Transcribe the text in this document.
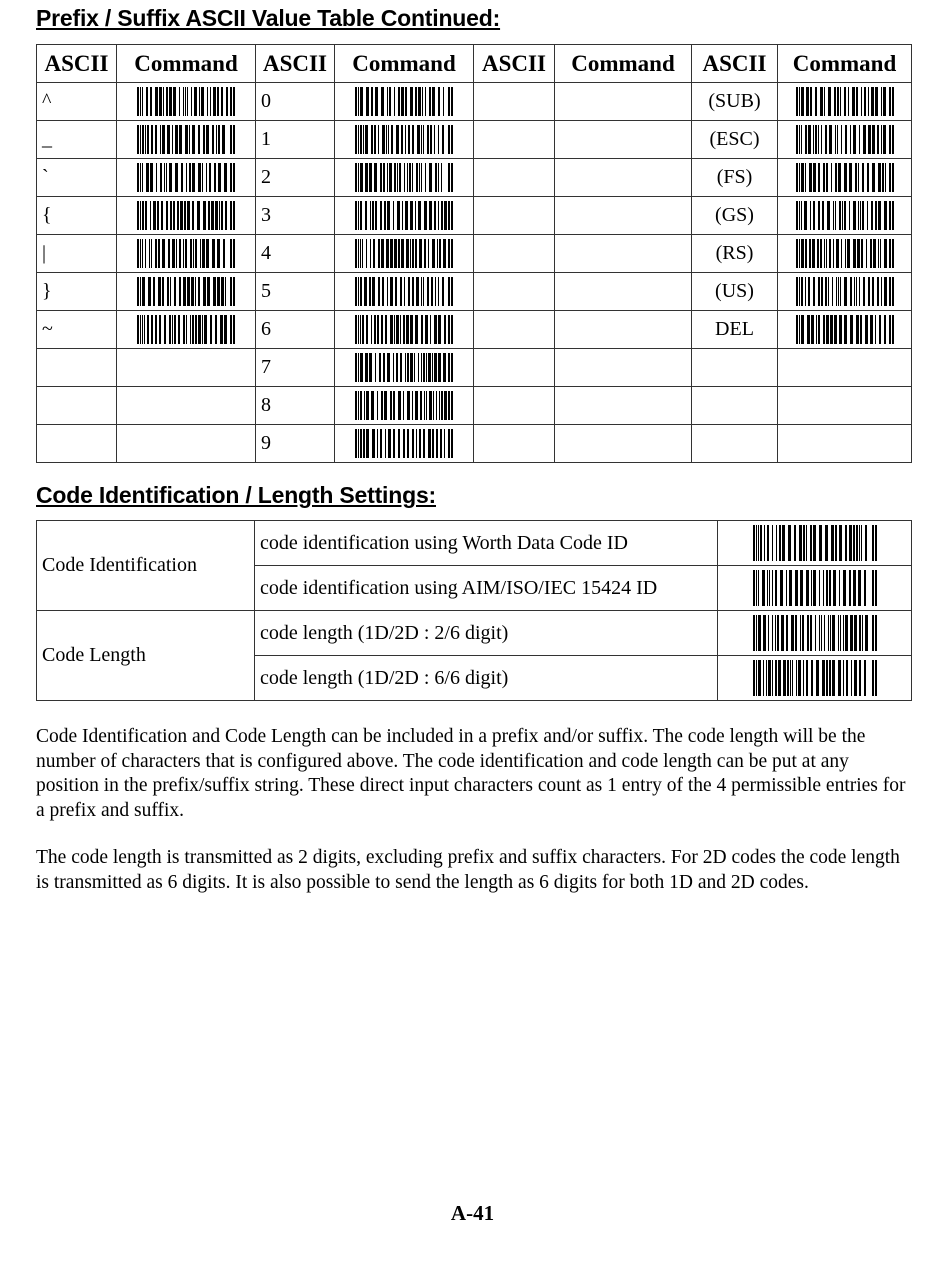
Prefix / Suffix ASCII Value Table Continued:
ASCII	Command	ASCII	Command	ASCII	Command	ASCII	Command
^		0				(SUB)	
_		1				(ESC)	
`		2				(FS)	
{		3				(GS)	
|		4				(RS)	
}		5				(US)	
~		6				DEL	
		7					
		8					
		9					
Code Identification / Length Settings:
Code Identification	code identification using Worth Data Code ID	
	code identification using AIM/ISO/IEC 15424 ID	
Code Length	code length (1D/2D : 2/6 digit)	
	code length (1D/2D : 6/6 digit)	

Code Identification and Code Length can be included in a prefix and/or suffix. The code length will be the number of characters that is configured above. The code identification and code length can be put at any position in the prefix/suffix string. These direct input characters count as 1 entry of the 4 permissible entries for a prefix and suffix.

The code length is transmitted as 2 digits, excluding prefix and suffix characters. For 2D codes the code length is transmitted as 6 digits. It is also possible to send the length as 6 digits for both 1D and 2D codes.

A-41
